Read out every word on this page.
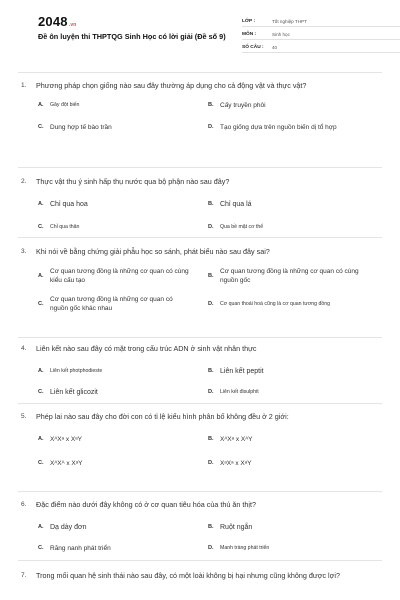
2048.vn
Đề ôn luyện thi THPTQG Sinh Học có lời giải (Đề số 9)
LỚP :	Tốt nghiệp THPT
MÔN :	Sinh học
SỐ CÂU :	40
1.	Phương pháp chọn giống nào sau đây thường áp dụng cho cả động vật và thực vật?
A.	Gây đột biến	B. Cấy truyền phôi
C. Dung hợp tế bào trần	D. Tạo giống dựa trên nguồn biến dị tổ hợp
2.	Thực vật thu ý sinh hấp thụ nước qua bộ phận nào sau đây?
A. Chỉ qua hoa	B. Chỉ qua lá
C.	Chỉ qua thân	D.	Qua bề mặt cơ thể
3.	Khi nói về bằng chứng giải phẫu học so sánh, phát biểu nào sau đây sai?
A.
Cơ quan tương đồng là những cơ quan có cùng kiểu cấu tạo
B.
Cơ quan tương đồng là những cơ quan có cùng nguồn gốc
C.
Cơ quan tương đồng là những cơ quan có nguồn gốc khác nhau
D.	Cơ quan thoái hoá cũng là cơ quan tương đồng
4.	Liên kết nào sau đây có mặt trong cấu trúc ADN ở sinh vật nhân thực
A.	Liên kết photphodieste	B. Liên kết peptit
C. Liên kết glicozit	D.	Liên kết đisulphit
5.	Phép lai nào sau đây cho đời con có tỉ lệ kiểu hình phân bố không đều ở 2 giới:
A. XᴬXᵃ x XᵃY	B. XᴬXᵃ x XᴬY
C. XᴬXᴬ x XᵃY	D. XᵃXᵃ x XᵃY
6.	Đặc điểm nào dưới đây không có ở cơ quan tiêu hóa của thú ăn thịt?
A. Dạ dày đơn	B. Ruột ngắn
C. Răng nanh phát triển	D.	Manh tràng phát triển
7.	Trong mối quan hệ sinh thái nào sau đây, có một loài không bị hại nhưng cũng không được lợi?
